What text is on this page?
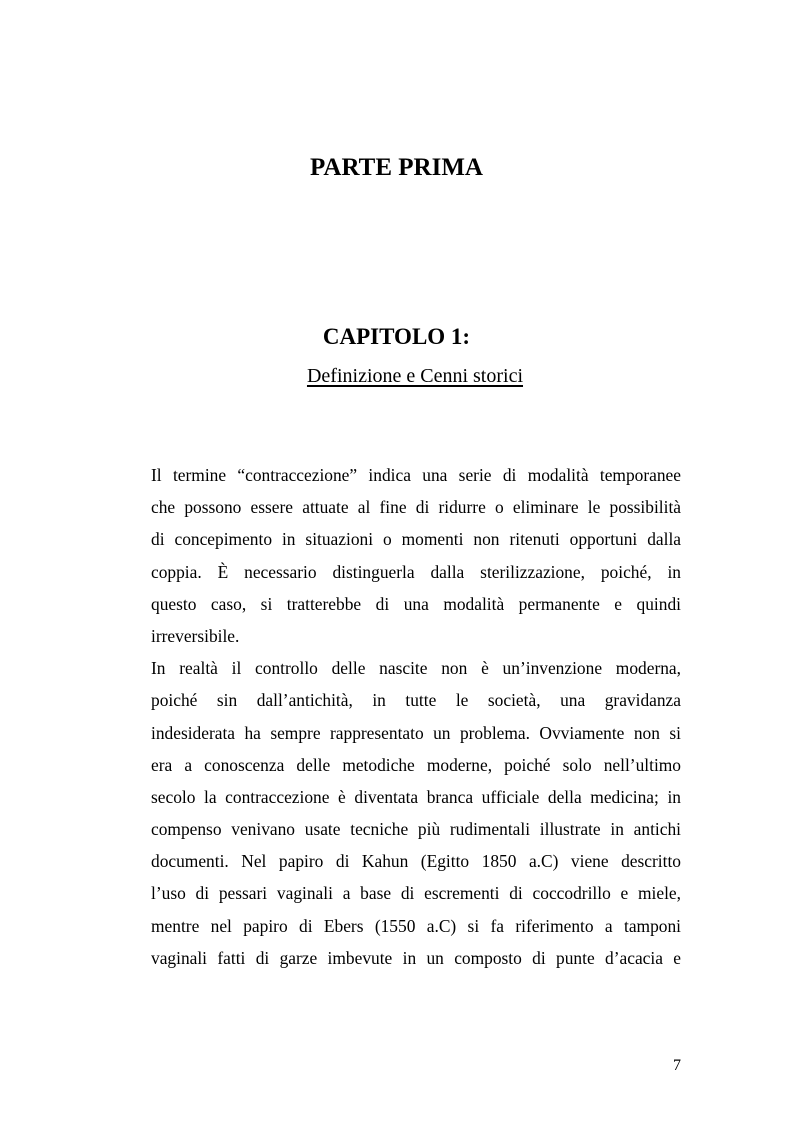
PARTE PRIMA
CAPITOLO 1:

Definizione e Cenni storici

Il termine “contraccezione” indica una serie di modalità temporanee
che possono essere attuate al fine di ridurre o eliminare le possibilità
di concepimento in situazioni o momenti non ritenuti opportuni dalla
coppia. È necessario distinguerla dalla sterilizzazione, poiché, in
questo caso, si tratterebbe di una modalità permanente e quindi
irreversibile.
In realtà il controllo delle nascite non è un’invenzione moderna,
poiché sin dall’antichità, in tutte le società, una gravidanza
indesiderata ha sempre rappresentato un problema. Ovviamente non si
era a conoscenza delle metodiche moderne, poiché solo nell’ultimo
secolo la contraccezione è diventata branca ufficiale della medicina; in
compenso venivano usate tecniche più rudimentali illustrate in antichi
documenti. Nel papiro di Kahun (Egitto 1850 a.C) viene descritto
l’uso di pessari vaginali a base di escrementi di coccodrillo e miele,
mentre nel papiro di Ebers (1550 a.C) si fa riferimento a tamponi
vaginali fatti di garze imbevute in un composto di punte d’acacia e
7
